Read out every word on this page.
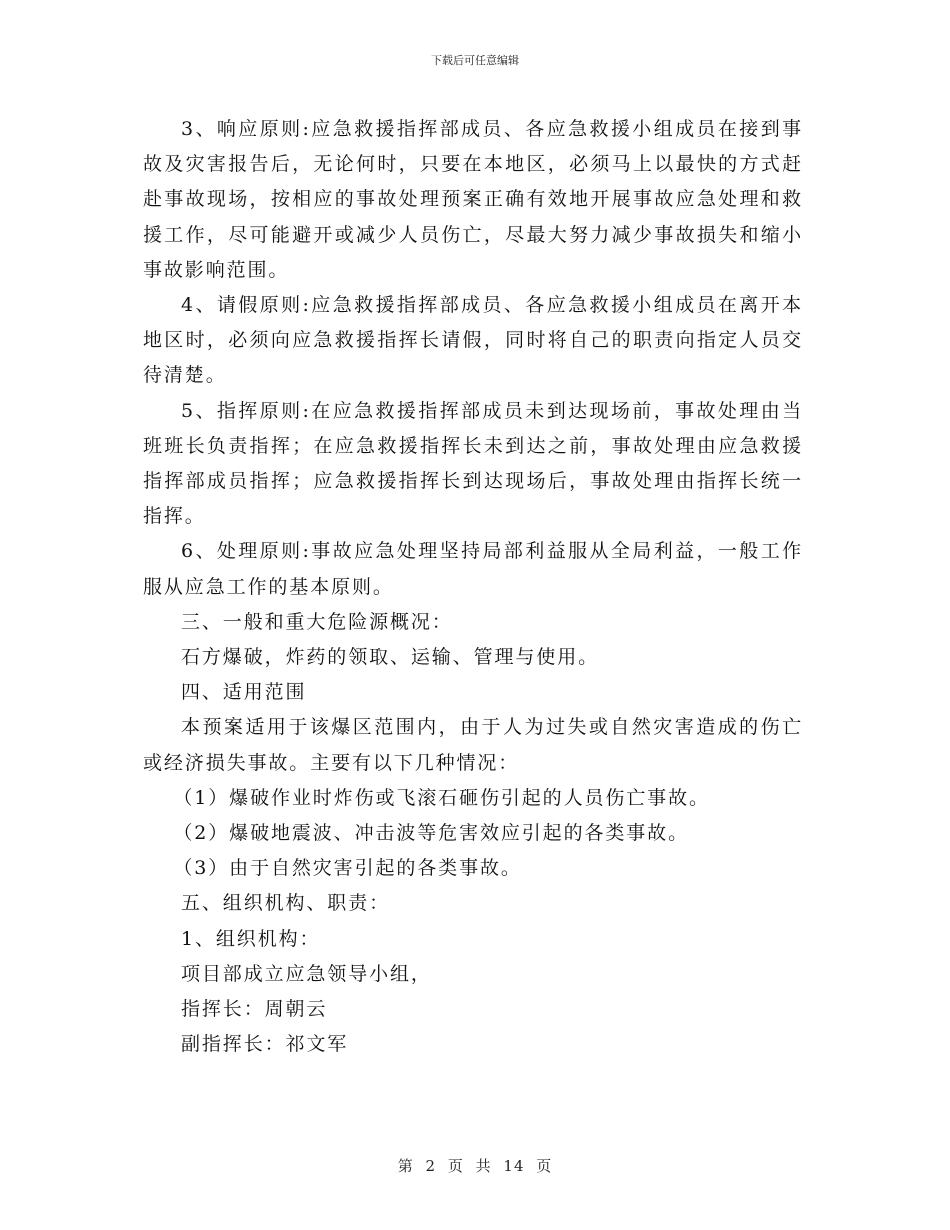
下载后可任意编辑

3、响应原则:应急救援指挥部成员、各应急救援小组成员在接到事故及灾害报告后，无论何时，只要在本地区，必须马上以最快的方式赶赴事故现场，按相应的事故处理预案正确有效地开展事故应急处理和救援工作，尽可能避开或减少人员伤亡，尽最大努力减少事故损失和缩小事故影响范围。

4、请假原则:应急救援指挥部成员、各应急救援小组成员在离开本地区时，必须向应急救援指挥长请假，同时将自己的职责向指定人员交待清楚。

5、指挥原则:在应急救援指挥部成员未到达现场前，事故处理由当班班长负责指挥；在应急救援指挥长未到达之前，事故处理由应急救援指挥部成员指挥；应急救援指挥长到达现场后，事故处理由指挥长统一指挥。

6、处理原则:事故应急处理坚持局部利益服从全局利益，一般工作服从应急工作的基本原则。

三、一般和重大危险源概况：

石方爆破，炸药的领取、运输、管理与使用。

四、适用范围

本预案适用于该爆区范围内，由于人为过失或自然灾害造成的伤亡或经济损失事故。主要有以下几种情况：

（1）爆破作业时炸伤或飞滚石砸伤引起的人员伤亡事故。

（2）爆破地震波、冲击波等危害效应引起的各类事故。

（3）由于自然灾害引起的各类事故。

五、组织机构、职责：

1、组织机构：

项目部成立应急领导小组，

指挥长：周朝云

副指挥长：祁文军

第 2 页 共 14 页
